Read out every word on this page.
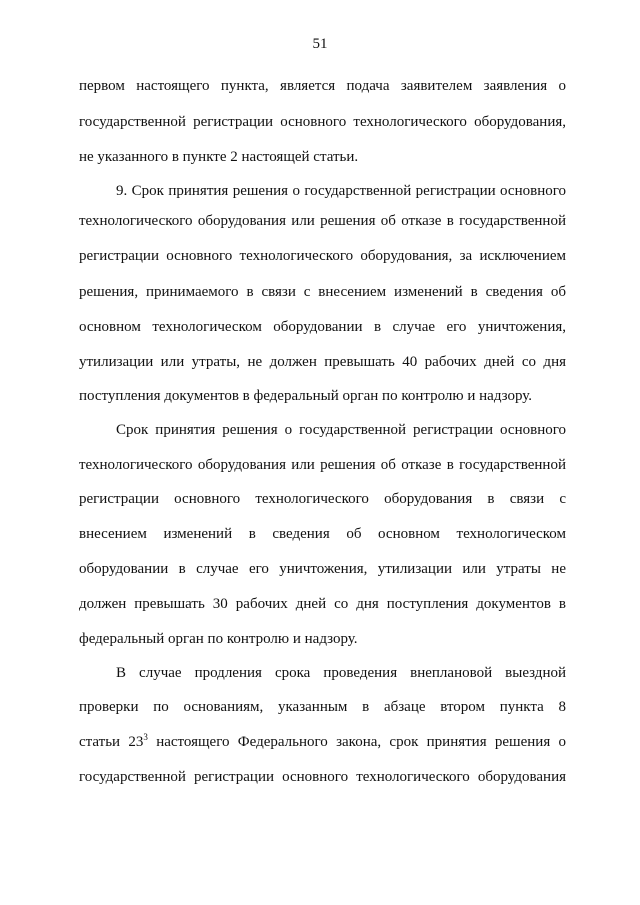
51
первом настоящего пункта, является подача заявителем заявления о
государственной регистрации основного технологического оборудования,
не указанного в пункте 2 настоящей статьи.
9. Срок принятия решения о государственной регистрации основного
технологического оборудования или решения об отказе в государственной
регистрации основного технологического оборудования, за исключением
решения, принимаемого в связи с внесением изменений в сведения об
основном технологическом оборудовании в случае его уничтожения,
утилизации или утраты, не должен превышать 40 рабочих дней со дня
поступления документов в федеральный орган по контролю и надзору.
Срок принятия решения о государственной регистрации основного
технологического оборудования или решения об отказе в государственной
регистрации основного технологического оборудования в связи с
внесением изменений в сведения об основном технологическом
оборудовании в случае его уничтожения, утилизации или утраты не
должен превышать 30 рабочих дней со дня поступления документов в
федеральный орган по контролю и надзору.
В случае продления срока проведения внеплановой выездной
проверки по основаниям, указанным в абзаце втором пункта 8
статьи $23^3$ настоящего Федерального закона, срок принятия решения о
государственной регистрации основного технологического оборудования
